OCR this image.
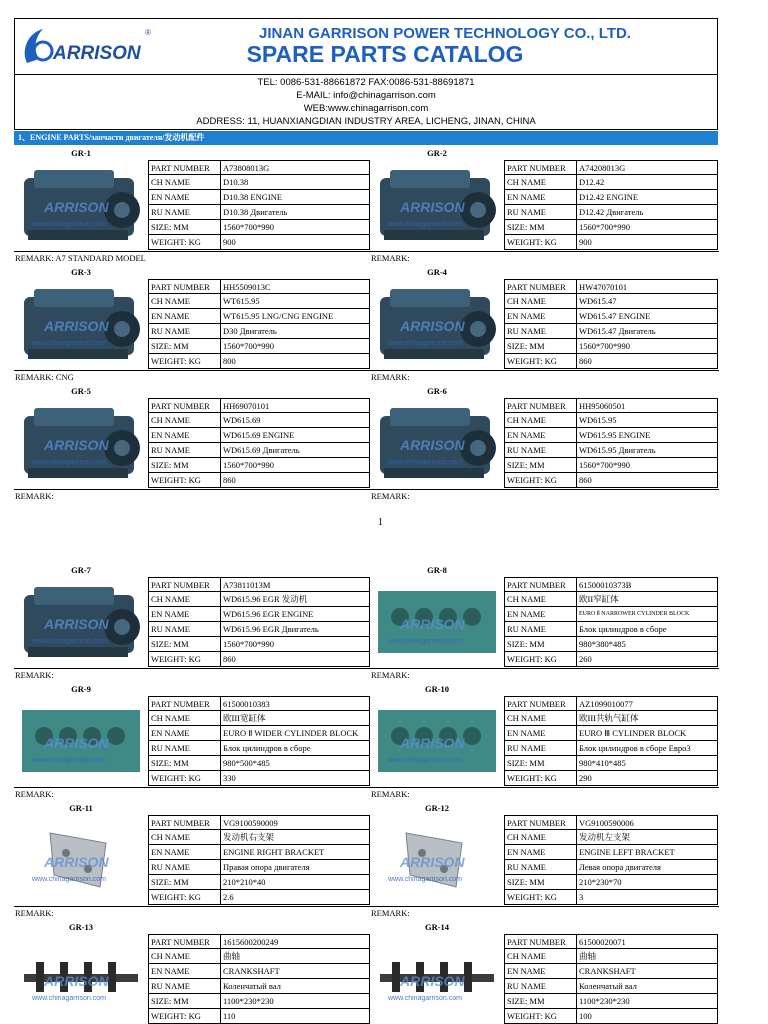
ARRISON
®	JINAN GARRISON POWER TECHNOLOGY CO., LTD.
SPARE PARTS CATALOG
TEL: 0086-531-88661872 FAX:0086-531-88691871
E-MAIL: info@chinagarrison.com
WEB:www.chinagarrison.com
ADDRESS: 11, HUANXIANGDIAN INDUSTRY AREA, LICHENG, JINAN, CHINA
1、ENGINE PARTS/запчасти двигателя/发动机配件
GR-1
ARRISON
www.chinagarrison.com
PART NUMBER	A73808013G
CH NAME	D10.38
EN NAME	D10.38 ENGINE
RU NAME	D10.38 Двигатель
SIZE: MM	1560*700*990
WEIGHT: KG	900
REMARK: A7 STANDARD MODEL
GR-2
ARRISON
www.chinagarrison.com
PART NUMBER	A74208013G
CH NAME	D12.42
EN NAME	D12.42 ENGINE
RU NAME	D12.42 Двигатель
SIZE: MM	1560*700*990
WEIGHT: KG	900
REMARK:
GR-3
ARRISON
www.chinagarrison.com
PART NUMBER	HH5509013C
CH NAME	WT615.95
EN NAME	WT615.95 LNG/CNG ENGINE
RU NAME	D30 Двигатель
SIZE: MM	1560*700*990
WEIGHT: KG	800
REMARK: CNG
GR-4
ARRISON
www.chinagarrison.com
PART NUMBER	HW47070101
CH NAME	WD615.47
EN NAME	WD615.47 ENGINE
RU NAME	WD615.47 Двигатель
SIZE: MM	1560*700*990
WEIGHT: KG	860
REMARK:
GR-5
ARRISON
www.chinagarrison.com
PART NUMBER	HH69070101
CH NAME	WD615.69
EN NAME	WD615.69 ENGINE
RU NAME	WD615.69 Двигатель
SIZE: MM	1560*700*990
WEIGHT: KG	860
REMARK:
GR-6
ARRISON
www.chinagarrison.com
PART NUMBER	HH95060501
CH NAME	WD615.95
EN NAME	WD615.95 ENGINE
RU NAME	WD615.95 Двигатель
SIZE: MM	1560*700*990
WEIGHT: KG	860
REMARK:
GR-7
ARRISON
www.chinagarrison.com
PART NUMBER	A73811013M
CH NAME	WD615.96 EGR 发动机
EN NAME	WD615.96 EGR ENGINE
RU NAME	WD615.96 EGR Двигатель
SIZE: MM	1560*700*990
WEIGHT: KG	860
REMARK:
GR-8
ARRISON
www.chinagarrison.com
PART NUMBER	61500010373B
CH NAME	欧II窄缸体
EN NAME	EURO Ⅱ NARROWER CYLINDER BLOCK
RU NAME	Блок цилиндров в сборе
SIZE: MM	980*380*485
WEIGHT: KG	260
REMARK:
GR-9
ARRISON
www.chinagarrison.com
PART NUMBER	61500010383
CH NAME	欧III宽缸体
EN NAME	EURO Ⅱ WIDER CYLINDER BLOCK
RU NAME	Блок цилиндров в сборе
SIZE: MM	980*500*485
WEIGHT: KG	330
REMARK:
GR-10
ARRISON
www.chinagarrison.com
PART NUMBER	AZ1099010077
CH NAME	欧III共轨气缸体
EN NAME	EURO Ⅲ CYLINDER BLOCK
RU NAME	Блок цилиндров в сборе Евро3
SIZE: MM	980*410*485
WEIGHT: KG	290
REMARK:
GR-11
ARRISON
www.chinagarrison.com
PART NUMBER	VG9100590009
CH NAME	发动机右支架
EN NAME	ENGINE RIGHT BRACKET
RU NAME	Правая опора двигателя
SIZE: MM	210*210*40
WEIGHT: KG	2.6
REMARK:
GR-12
ARRISON
www.chinagarrison.com
PART NUMBER	VG9100590006
CH NAME	发动机左支架
EN NAME	ENGINE LEFT BRACKET
RU NAME	Левая опора двигателя
SIZE: MM	210*230*70
WEIGHT: KG	3
REMARK:
GR-13
ARRISON
www.chinagarrison.com
PART NUMBER	1615600200249
CH NAME	曲轴
EN NAME	CRANKSHAFT
RU NAME	Коленчатый вал
SIZE: MM	1100*230*230
WEIGHT: KG	110
GR-14
ARRISON
www.chinagarrison.com
PART NUMBER	61500020071
CH NAME	曲轴
EN NAME	CRANKSHAFT
RU NAME	Коленчатый вал
SIZE: MM	1100*230*230
WEIGHT: KG	100
1
